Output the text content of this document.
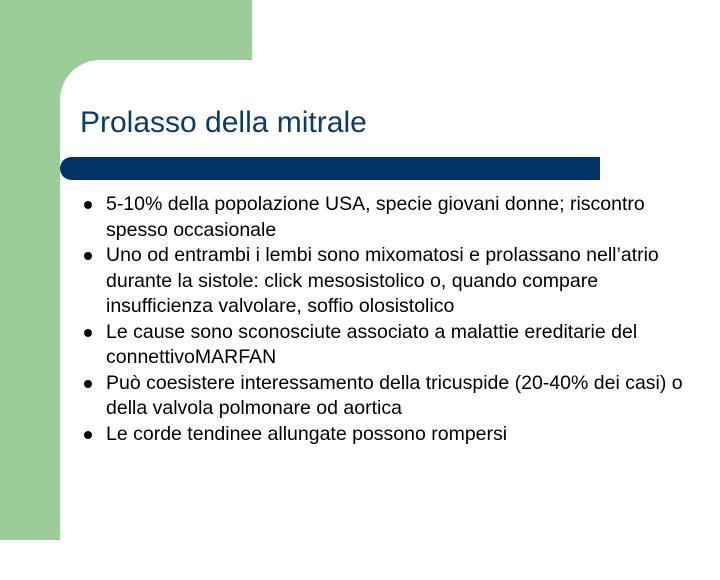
Prolasso della mitrale
5-10% della popolazione USA, specie giovani donne; riscontro spesso occasionale
Uno od entrambi i lembi sono mixomatosi e prolassano nell’atrio durante la sistole: click mesosistolico o, quando compare insufficienza valvolare, soffio olosistolico
Le cause sono sconosciute associato a malattie ereditarie del connettivoMARFAN
Può coesistere interessamento della tricuspide (20-40% dei casi) o della valvola polmonare od aortica
Le corde tendinee allungate possono rompersi
